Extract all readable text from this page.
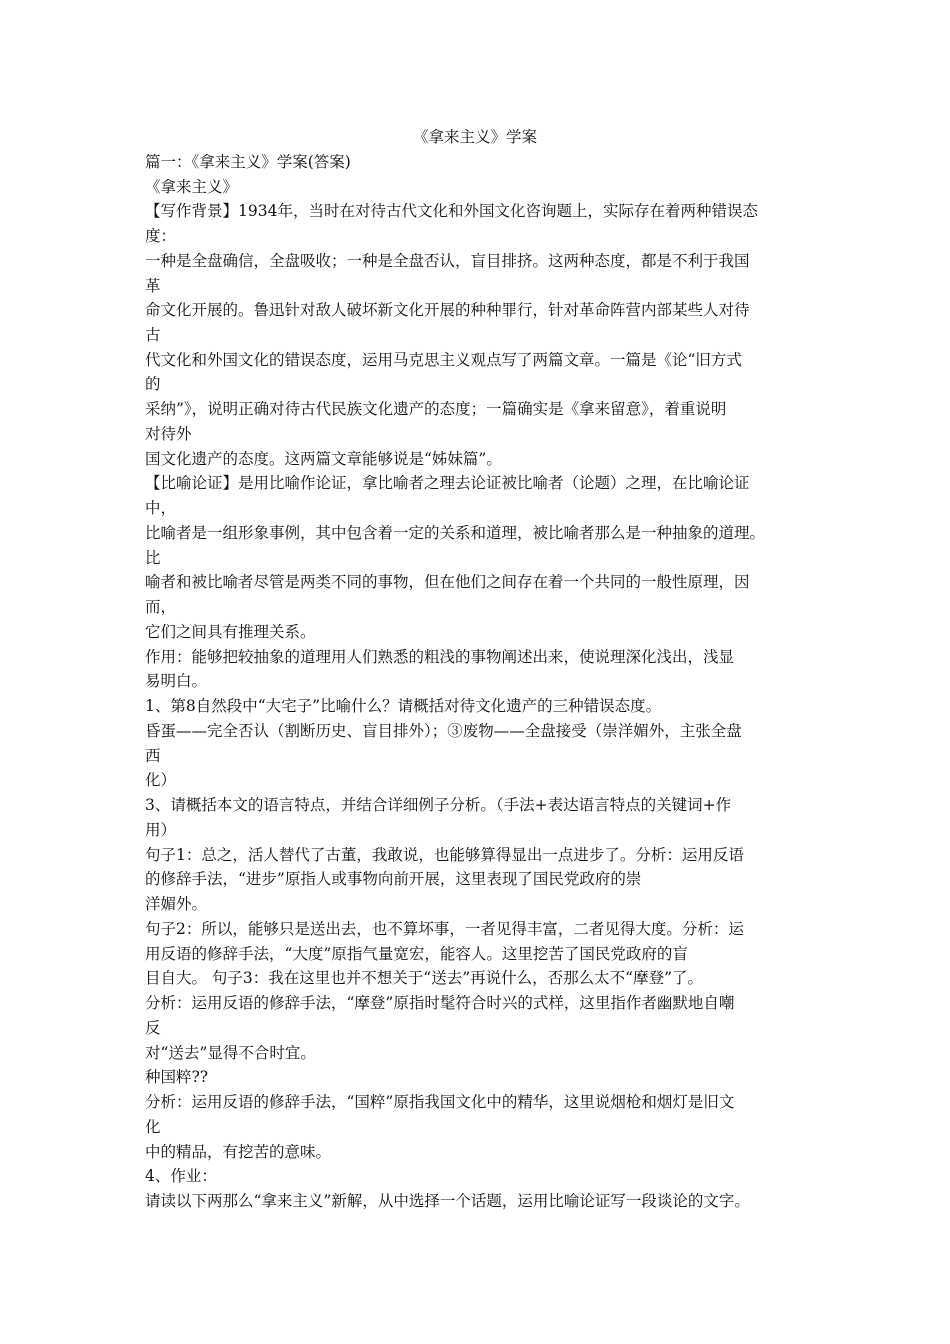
《拿来主义》学案
篇一：《拿来主义》学案(答案)
《拿来主义》
【写作背景】1934年，当时在对待古代文化和外国文化咨询题上，实际存在着两种错误态
度：
一种是全盘确信，全盘吸收；一种是全盘否认，盲目排挤。这两种态度，都是不利于我国
革
命文化开展的。鲁迅针对敌人破坏新文化开展的种种罪行，针对革命阵营内部某些人对待
古
代文化和外国文化的错误态度，运用马克思主义观点写了两篇文章。一篇是《论“旧方式
的
采纳”》，说明正确对待古代民族文化遗产的态度；一篇确实是《拿来留意》，着重说明
对待外
国文化遗产的态度。这两篇文章能够说是“姊妹篇”。
【比喻论证】是用比喻作论证，拿比喻者之理去论证被比喻者（论题）之理，在比喻论证
中，
比喻者是一组形象事例，其中包含着一定的关系和道理，被比喻者那么是一种抽象的道理。
比
喻者和被比喻者尽管是两类不同的事物，但在他们之间存在着一个共同的一般性原理，因
而，
它们之间具有推理关系。
作用：能够把较抽象的道理用人们熟悉的粗浅的事物阐述出来，使说理深化浅出，浅显
易明白。
1、第8自然段中“大宅子”比喻什么？请概括对待文化遗产的三种错误态度。
昏蛋——完全否认（割断历史、盲目排外）；③废物——全盘接受（崇洋媚外，主张全盘
西
化）
3、请概括本文的语言特点，并结合详细例子分析。（手法+表达语言特点的关键词+作
用）
句子1：总之，活人替代了古董，我敢说，也能够算得显出一点进步了。分析：运用反语
的修辞手法，“进步”原指人或事物向前开展，这里表现了国民党政府的崇
洋媚外。
句子2：所以，能够只是送出去，也不算坏事，一者见得丰富，二者见得大度。分析：运
用反语的修辞手法，“大度”原指气量宽宏，能容人。这里挖苦了国民党政府的盲
目自大。 句子3：我在这里也并不想关于“送去”再说什么，否那么太不“摩登”了。
分析：运用反语的修辞手法，“摩登”原指时髦符合时兴的式样，这里指作者幽默地自嘲
反
对“送去”显得不合时宜。
种国粹??
分析：运用反语的修辞手法，“国粹”原指我国文化中的精华，这里说烟枪和烟灯是旧文
化
中的精品，有挖苦的意味。
4、作业：
请读以下两那么“拿来主义”新解，从中选择一个话题，运用比喻论证写一段谈论的文字。
